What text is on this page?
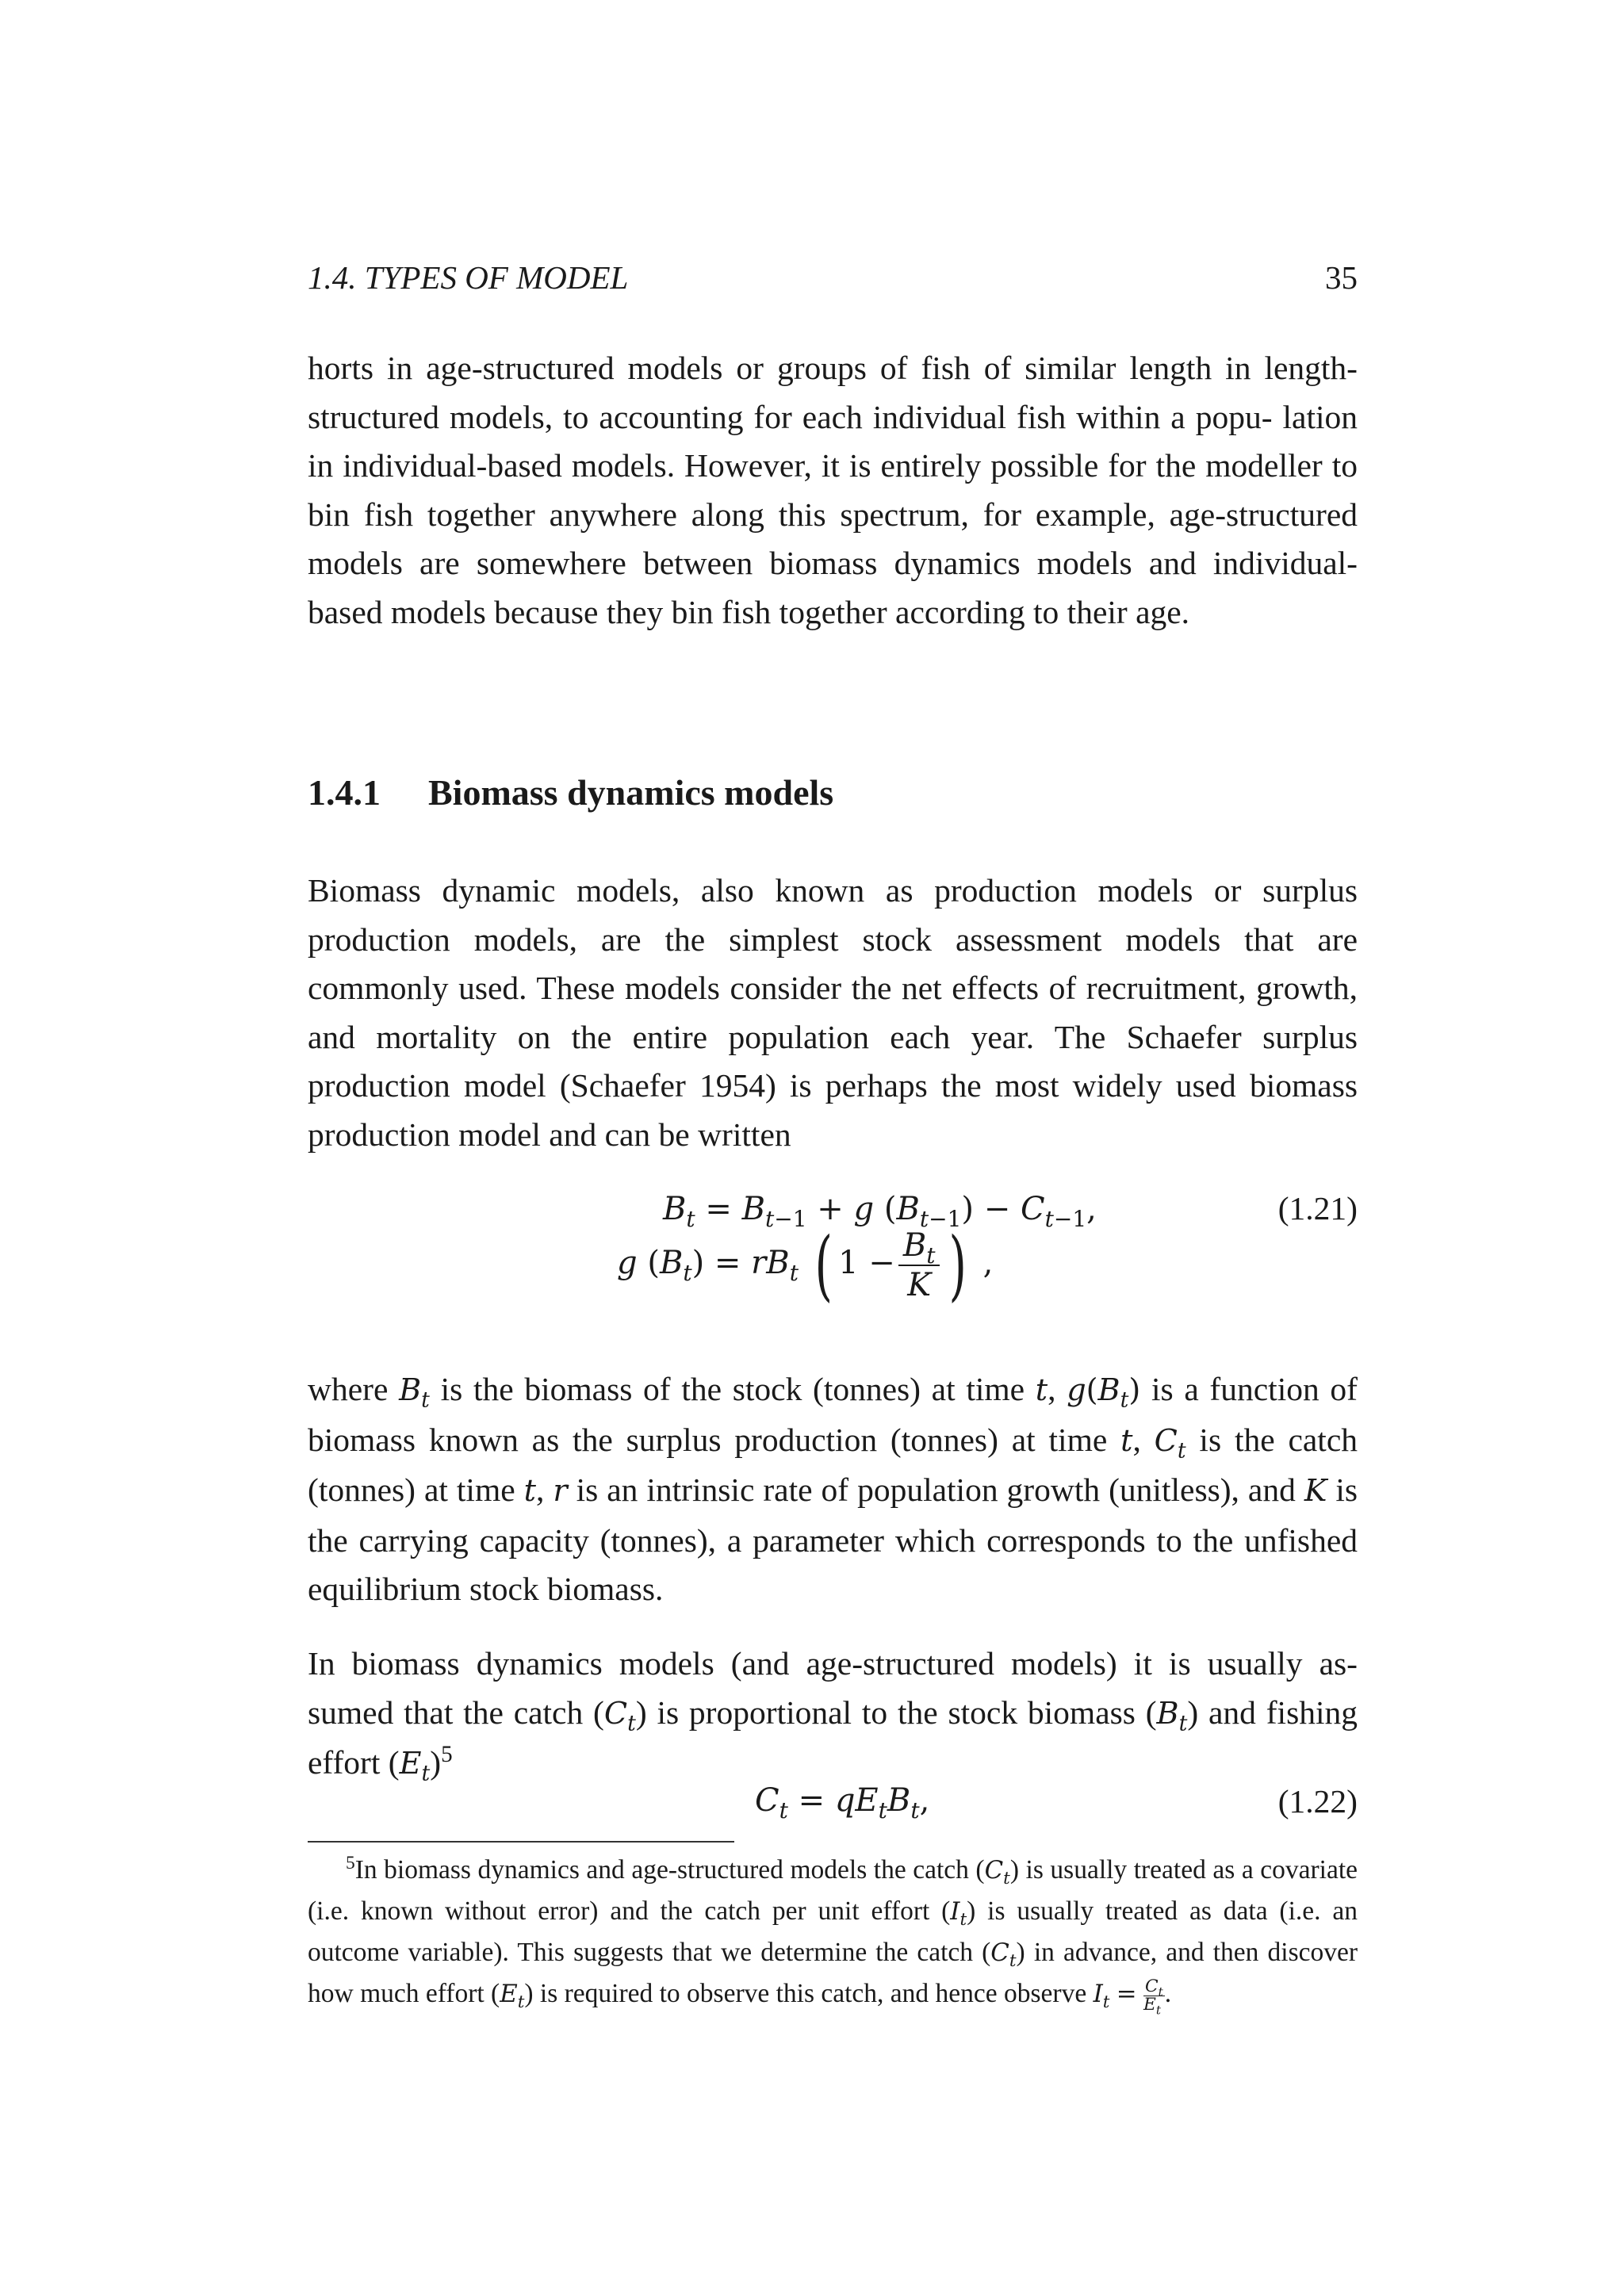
1.4. TYPES OF MODEL	35
horts in age-structured models or groups of fish of similar length in length- structured models, to accounting for each individual fish within a popu- lation in individual-based models. However, it is entirely possible for the modeller to bin fish together anywhere along this spectrum, for example, age-structured models are somewhere between biomass dynamics models and individual-based models because they bin fish together according to their age.
1.4.1 Biomass dynamics models
Biomass dynamic models, also known as production models or surplus production models, are the simplest stock assessment models that are commonly used. These models consider the net effects of recruitment, growth, and mortality on the entire population each year. The Schaefer surplus production model (Schaefer 1954) is perhaps the most widely used biomass production model and can be written
$B_t = B_{t-1} + g$ $(B_{t-1}) - C_{t-1}$,	(1.21)
g $(B_t) = rB_t$ ( $1 - \frac{B_t}{K}$ ) ,
where $B_t$ is the biomass of the stock (tonnes) at time t, $g(B_t)$ is a function of biomass known as the surplus production (tonnes) at time t, $C_t$ is the catch (tonnes) at time t, r is an intrinsic rate of population growth (unitless), and K is the carrying capacity (tonnes), a parameter which corresponds to the unfished equilibrium stock biomass.
In biomass dynamics models (and age-structured models) it is usually as- sumed that the catch $(C_t)$ is proportional to the stock biomass $(B_t)$ and fishing effort $(E_t)^5$
$C_t = qE_tB_t$,	(1.22)
$^5$In biomass dynamics and age-structured models the catch $(C_t)$ is usually treated as a covariate (i.e. known without error) and the catch per unit effort $(I_t)$ is usually treated as data (i.e. an outcome variable). This suggests that we determine the catch $(C_t)$ in advance, and then discover how much effort $(E_t)$ is required to observe this catch, and hence observe $I_t = \frac{C_t}{E_t}$ .
